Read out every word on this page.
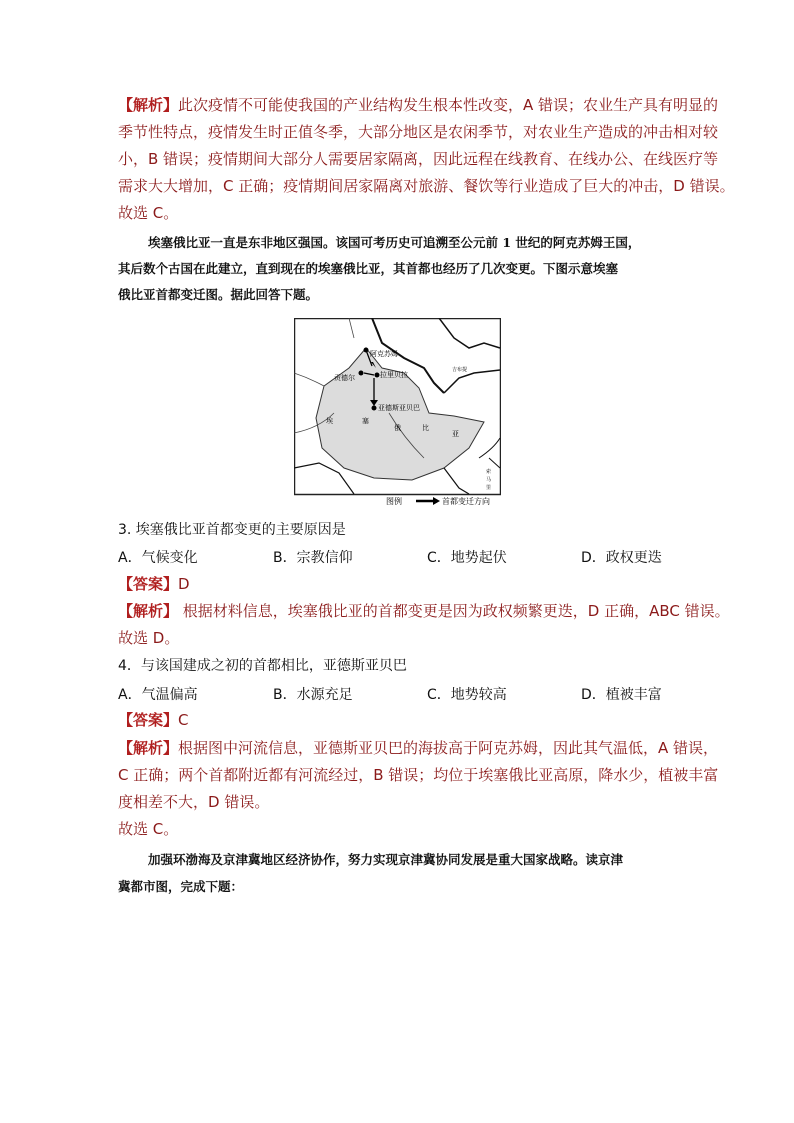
【解析】此次疫情不可能使我国的产业结构发生根本性改变，A 错误；农业生产具有明显的
季节性特点，疫情发生时正值冬季，大部分地区是农闲季节，对农业生产造成的冲击相对较
小，B 错误；疫情期间大部分人需要居家隔离，因此远程在线教育、在线办公、在线医疗等
需求大大增加，C 正确；疫情期间居家隔离对旅游、餐饮等行业造成了巨大的冲击，D 错误。
故选 C。
埃塞俄比亚一直是东非地区强国。该国可考历史可追溯至公元前 1 世纪的阿克苏姆王国，
其后数个古国在此建立，直到现在的埃塞俄比亚，其首都也经历了几次变更。下图示意埃塞
俄比亚首都变迁图。据此回答下题。
阿克苏姆
贡德尔	拉里贝拉
亚德斯亚贝巴
吉布提
埃	塞
俄	比
亚
索
马
里
图例	首都变迁方向
3. 埃塞俄比亚首都变更的主要原因是
A．气候变化	B．宗教信仰	C．地势起伏	D．政权更迭
【答案】D
【解析】 根据材料信息，埃塞俄比亚的首都变更是因为政权频繁更迭，D 正确，ABC 错误。
故选 D。
4．与该国建成之初的首都相比，亚德斯亚贝巴
A．气温偏高	B．水源充足	C．地势较高	D．植被丰富
【答案】C
【解析】根据图中河流信息，亚德斯亚贝巴的海拔高于阿克苏姆，因此其气温低，A 错误，
C 正确；两个首都附近都有河流经过，B 错误；均位于埃塞俄比亚高原，降水少，植被丰富
度相差不大，D 错误。
故选 C。
加强环渤海及京津冀地区经济协作，努力实现京津冀协同发展是重大国家战略。读京津
冀都市图，完成下题：
